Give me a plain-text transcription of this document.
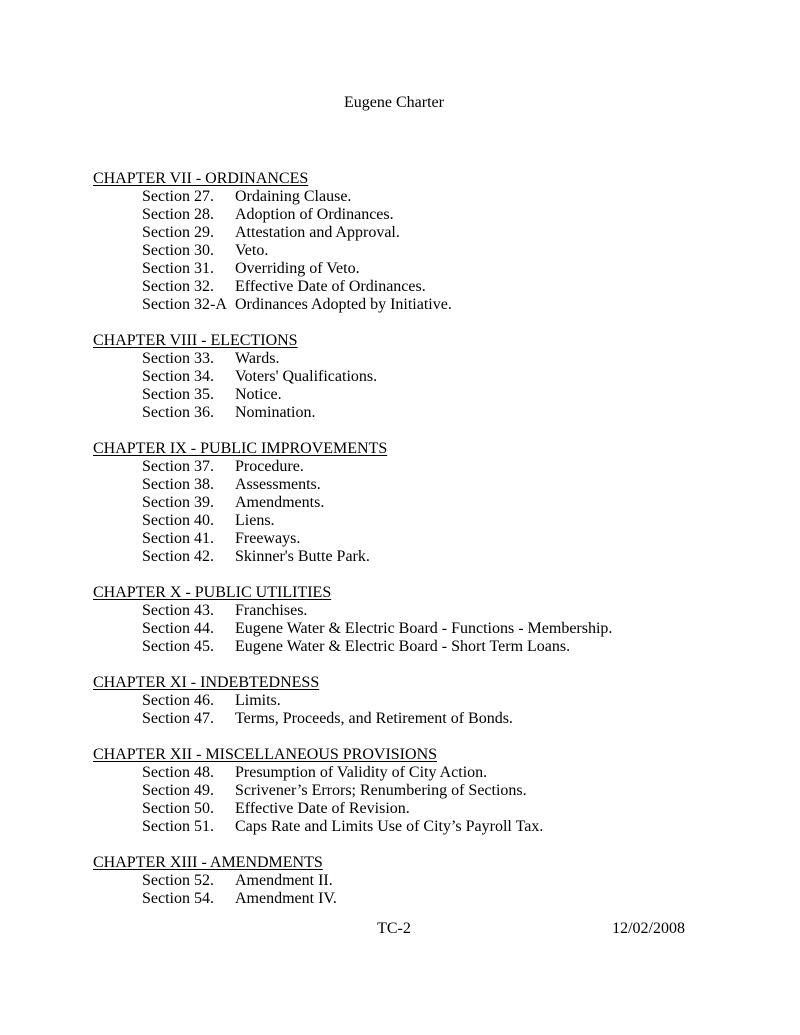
Eugene Charter
CHAPTER VII - ORDINANCES
Section 27.	Ordaining Clause.
Section 28.	Adoption of Ordinances.
Section 29.	Attestation and Approval.
Section 30.	Veto.
Section 31.	Overriding of Veto.
Section 32.	Effective Date of Ordinances.
Section 32-A Ordinances Adopted by Initiative.
CHAPTER VIII - ELECTIONS
Section 33.	Wards.
Section 34.	Voters' Qualifications.
Section 35.	Notice.
Section 36.	Nomination.
CHAPTER IX - PUBLIC IMPROVEMENTS
Section 37.	Procedure.
Section 38.	Assessments.
Section 39.	Amendments.
Section 40.	Liens.
Section 41.	Freeways.
Section 42.	Skinner's Butte Park.
CHAPTER X - PUBLIC UTILITIES
Section 43.	Franchises.
Section 44.	Eugene Water & Electric Board - Functions - Membership.
Section 45.	Eugene Water & Electric Board - Short Term Loans.
CHAPTER XI - INDEBTEDNESS
Section 46.	Limits.
Section 47.	Terms, Proceeds, and Retirement of Bonds.
CHAPTER XII - MISCELLANEOUS PROVISIONS
Section 48.	Presumption of Validity of City Action.
Section 49.	Scrivener’s Errors; Renumbering of Sections.
Section 50.	Effective Date of Revision.
Section 51.	Caps Rate and Limits Use of City’s Payroll Tax.
CHAPTER XIII - AMENDMENTS
Section 52.	Amendment II.
Section 54.	Amendment IV.
TC-2	12/02/2008
